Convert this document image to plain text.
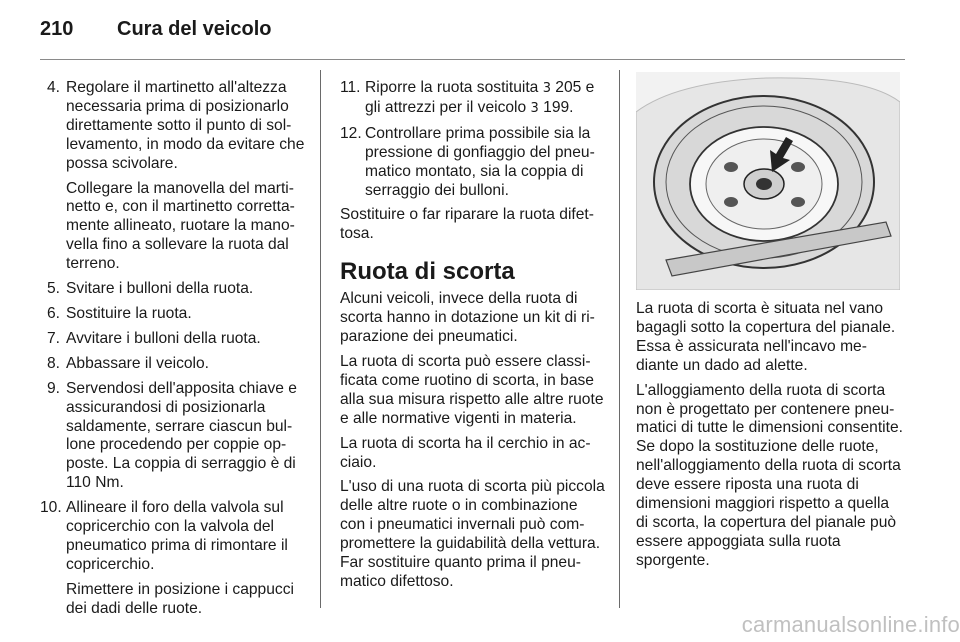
210 Cura del veicolo
4. Regolare il martinetto all'altezza necessaria prima di posizionarlo direttamente sotto il punto di sollevamento, in modo da evitare che possa scivolare.

Collegare la manovella del martinetto e, con il martinetto correttamente allineato, ruotare la manovella fino a sollevare la ruota dal terreno.

5. Svitare i bulloni della ruota.
6. Sostituire la ruota.
7. Avvitare i bulloni della ruota.
8. Abbassare il veicolo.
9. Servendosi dell'apposita chiave e assicurandosi di posizionarla saldamente, serrare ciascun bullone procedendo per coppie opposte. La coppia di serraggio è di 110 Nm.
10. Allineare il foro della valvola sul copricerchio con la valvola del pneumatico prima di rimontare il copricerchio.

Rimettere in posizione i cappucci dei dadi delle ruote.

11. Riporre la ruota sostituita 3 205 e gli attrezzi per il veicolo 3 199.
12. Controllare prima possibile sia la pressione di gonfiaggio del pneumatico montato, sia la coppia di serraggio dei bulloni.

Sostituire o far riparare la ruota difettosa.

Ruota di scorta

Alcuni veicoli, invece della ruota di scorta hanno in dotazione un kit di riparazione dei pneumatici.

La ruota di scorta può essere classificata come ruotino di scorta, in base alla sua misura rispetto alle altre ruote e alle normative vigenti in materia.

La ruota di scorta ha il cerchio in acciaio.

L'uso di una ruota di scorta più piccola delle altre ruote o in combinazione con i pneumatici invernali può compromettere la guidabilità della vettura. Far sostituire quanto prima il pneumatico difettoso.

La ruota di scorta è situata nel vano bagagli sotto la copertura del pianale. Essa è assicurata nell'incavo mediante un dado ad alette.

L'alloggiamento della ruota di scorta non è progettato per contenere pneumatici di tutte le dimensioni consentite. Se dopo la sostituzione delle ruote, nell'alloggiamento della ruota di scorta deve essere riposta una ruota di dimensioni maggiori rispetto a quella di scorta, la copertura del pianale può essere appoggiata sulla ruota sporgente.

carmanualsonline.info
